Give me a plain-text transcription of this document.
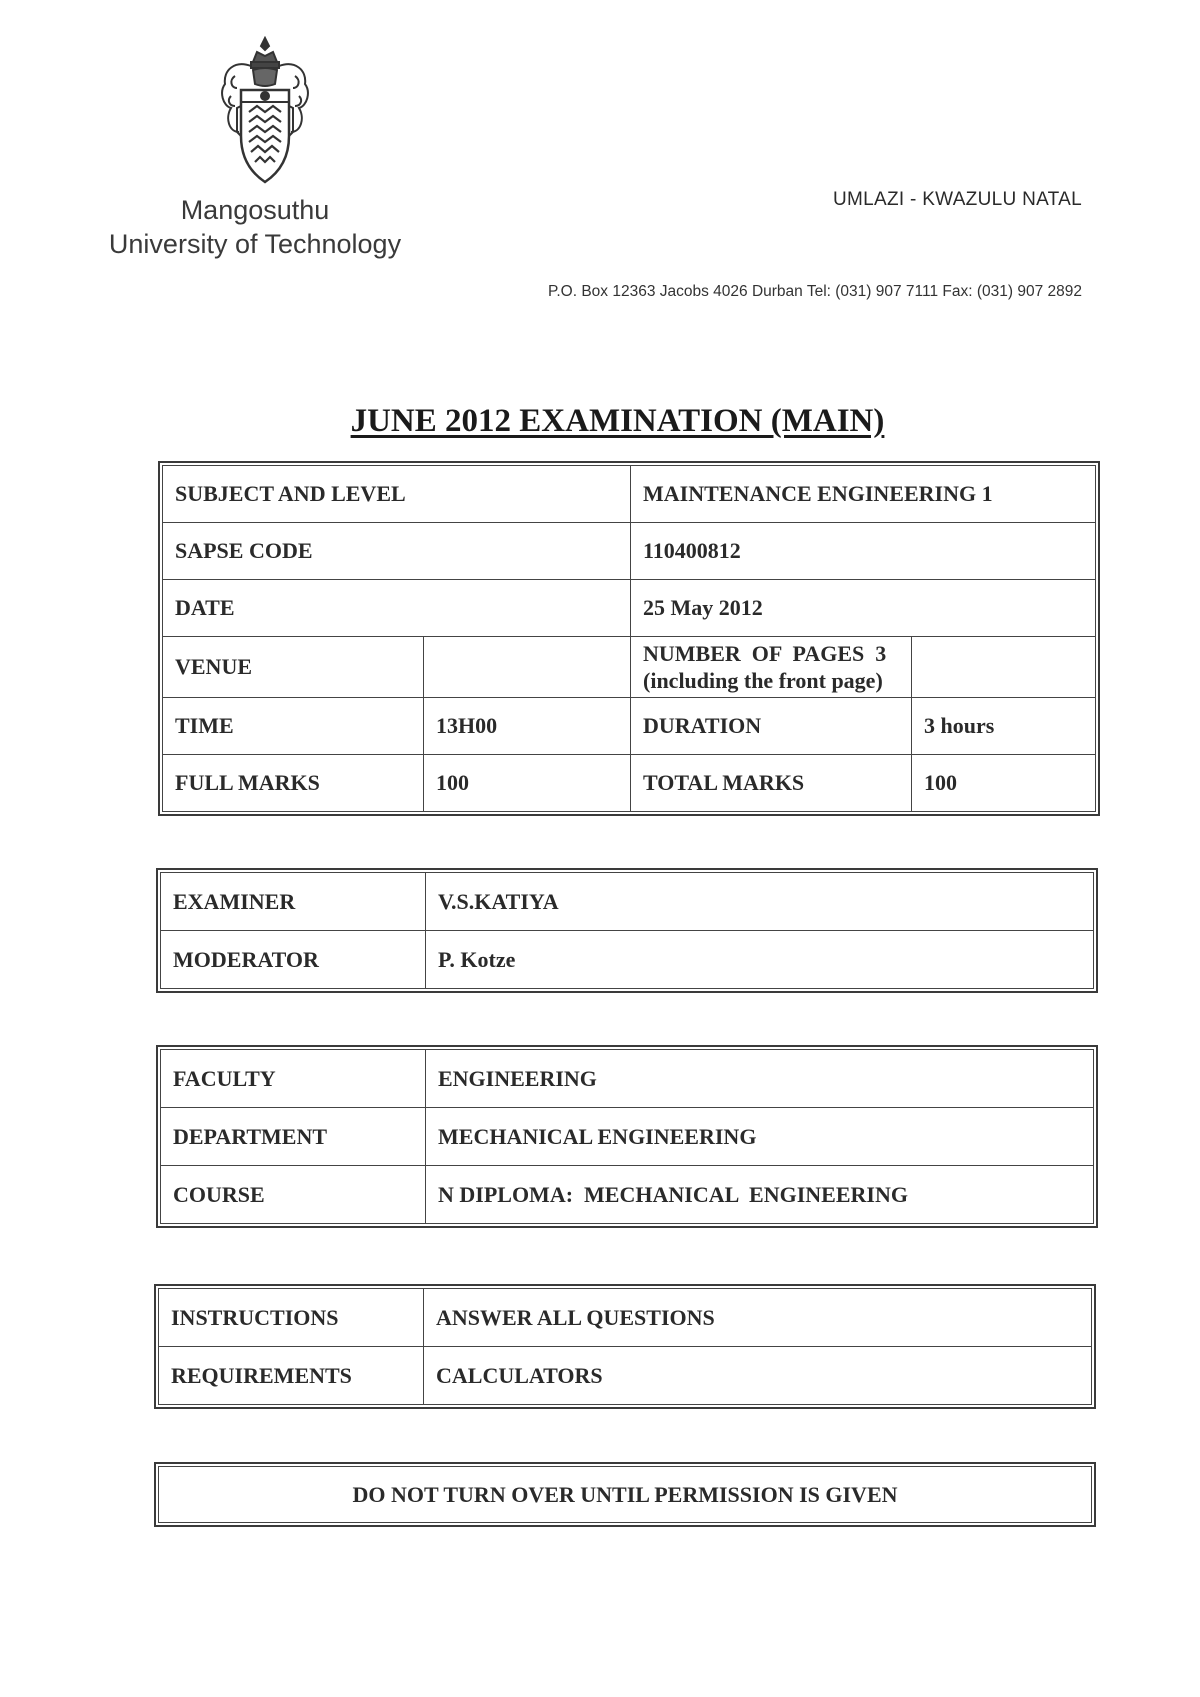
Mangosuthu
University of Technology
UMLAZI - KWAZULU NATAL
P.O. Box 12363 Jacobs 4026 Durban Tel: (031) 907 7111 Fax: (031) 907 2892
JUNE 2012 EXAMINATION (MAIN)
SUBJECT AND LEVEL		MAINTENANCE ENGINEERING 1	
SAPSE CODE		110400812	
DATE		25 May 2012	
VENUE		NUMBER  OF  PAGES  3
(including the front page)	

TIME	13H00	DURATION	3 hours
FULL MARKS	100	TOTAL MARKS	100
EXAMINER	V.S.KATIYA
MODERATOR	P. Kotze
FACULTY	ENGINEERING
DEPARTMENT	MECHANICAL ENGINEERING
COURSE	N DIPLOMA:  MECHANICAL  ENGINEERING
INSTRUCTIONS	ANSWER ALL QUESTIONS
REQUIREMENTS	CALCULATORS
DO NOT TURN OVER UNTIL PERMISSION IS GIVEN
